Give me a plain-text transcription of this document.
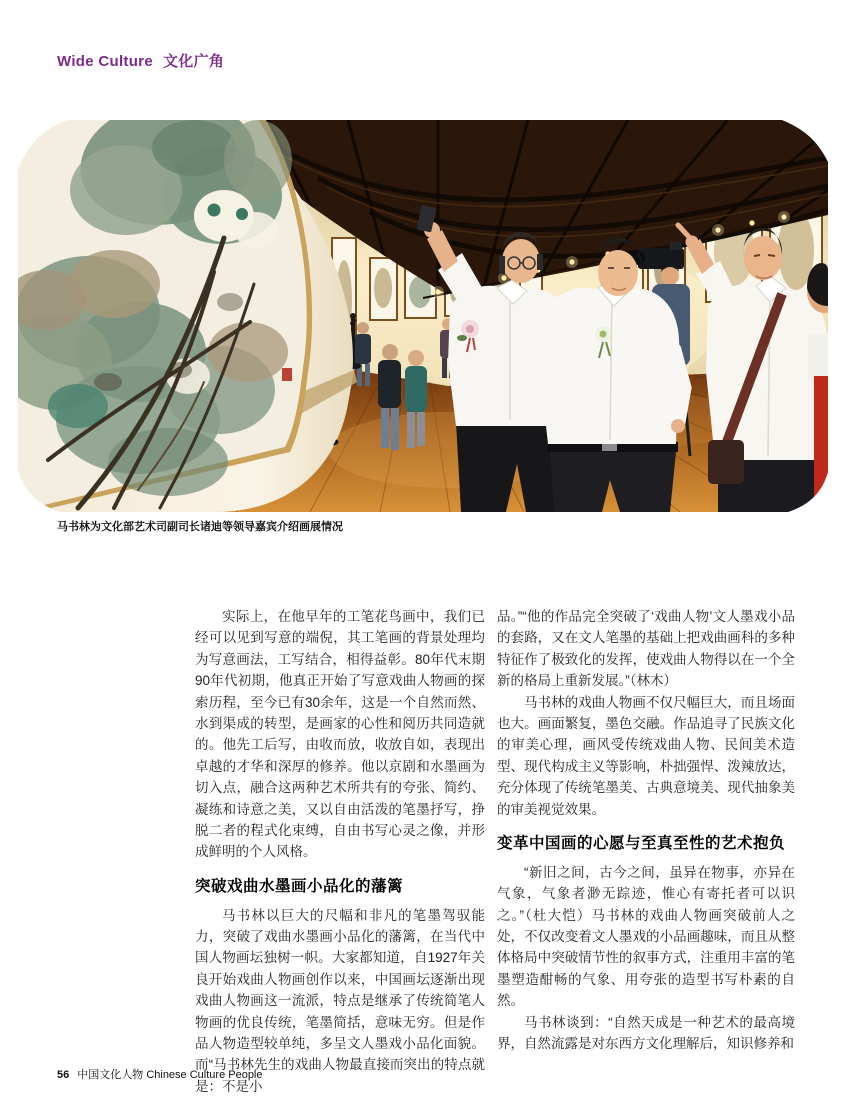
Wide Culture 文化广角
马书林为文化部艺术司副司长诸迪等领导嘉宾介绍画展情况

实际上，在他早年的工笔花鸟画中，我们已经可以见到写意的端倪，其工笔画的背景处理均为写意画法，工写结合，相得益彰。80年代末期90年代初期，他真正开始了写意戏曲人物画的探索历程，至今已有30余年，这是一个自然而然、水到渠成的转型，是画家的心性和阅历共同造就的。他先工后写，由收而放，收放自如，表现出卓越的才华和深厚的修养。他以京剧和水墨画为切入点，融合这两种艺术所共有的夸张、简约、凝练和诗意之美，又以自由活泼的笔墨抒写，挣脱二者的程式化束缚，自由书写心灵之像，并形成鲜明的个人风格。

突破戏曲水墨画小品化的藩篱

马书林以巨大的尺幅和非凡的笔墨驾驭能力，突破了戏曲水墨画小品化的藩篱，在当代中国人物画坛独树一帜。大家都知道，自1927年关良开始戏曲人物画创作以来，中国画坛逐渐出现戏曲人物画这一流派，特点是继承了传统简笔人物画的优良传统，笔墨简括，意味无穷。但是作品人物造型较单纯，多呈文人墨戏小品化面貌。而“马书林先生的戏曲人物最直接而突出的特点就是：不是小

品。”“他的作品完全突破了‘戏曲人物’文人墨戏小品的套路，又在文人笔墨的基础上把戏曲画科的多种特征作了极致化的发挥，使戏曲人物得以在一个全新的格局上重新发展。”（林木）

马书林的戏曲人物画不仅尺幅巨大，而且场面也大。画面繁复，墨色交融。作品追寻了民族文化的审美心理，画风受传统戏曲人物、民间美术造型、现代构成主义等影响，朴拙强悍、泼辣放达，充分体现了传统笔墨美、古典意境美、现代抽象美的审美视觉效果。

变革中国画的心愿与至真至性的艺术抱负

“新旧之间，古今之间，虽异在物事，亦异在气象，气象者渺无踪迹，惟心有寄托者可以识之。”（杜大恺）马书林的戏曲人物画突破前人之处，不仅改变着文人墨戏的小品画趣味，而且从整体格局中突破情节性的叙事方式，注重用丰富的笔墨塑造酣畅的气象、用夸张的造型书写朴素的自然。

马书林谈到：“自然天成是一种艺术的最高境界，自然流露是对东西方文化理解后，知识修养和

56 中国文化人物 Chinese Culture People
